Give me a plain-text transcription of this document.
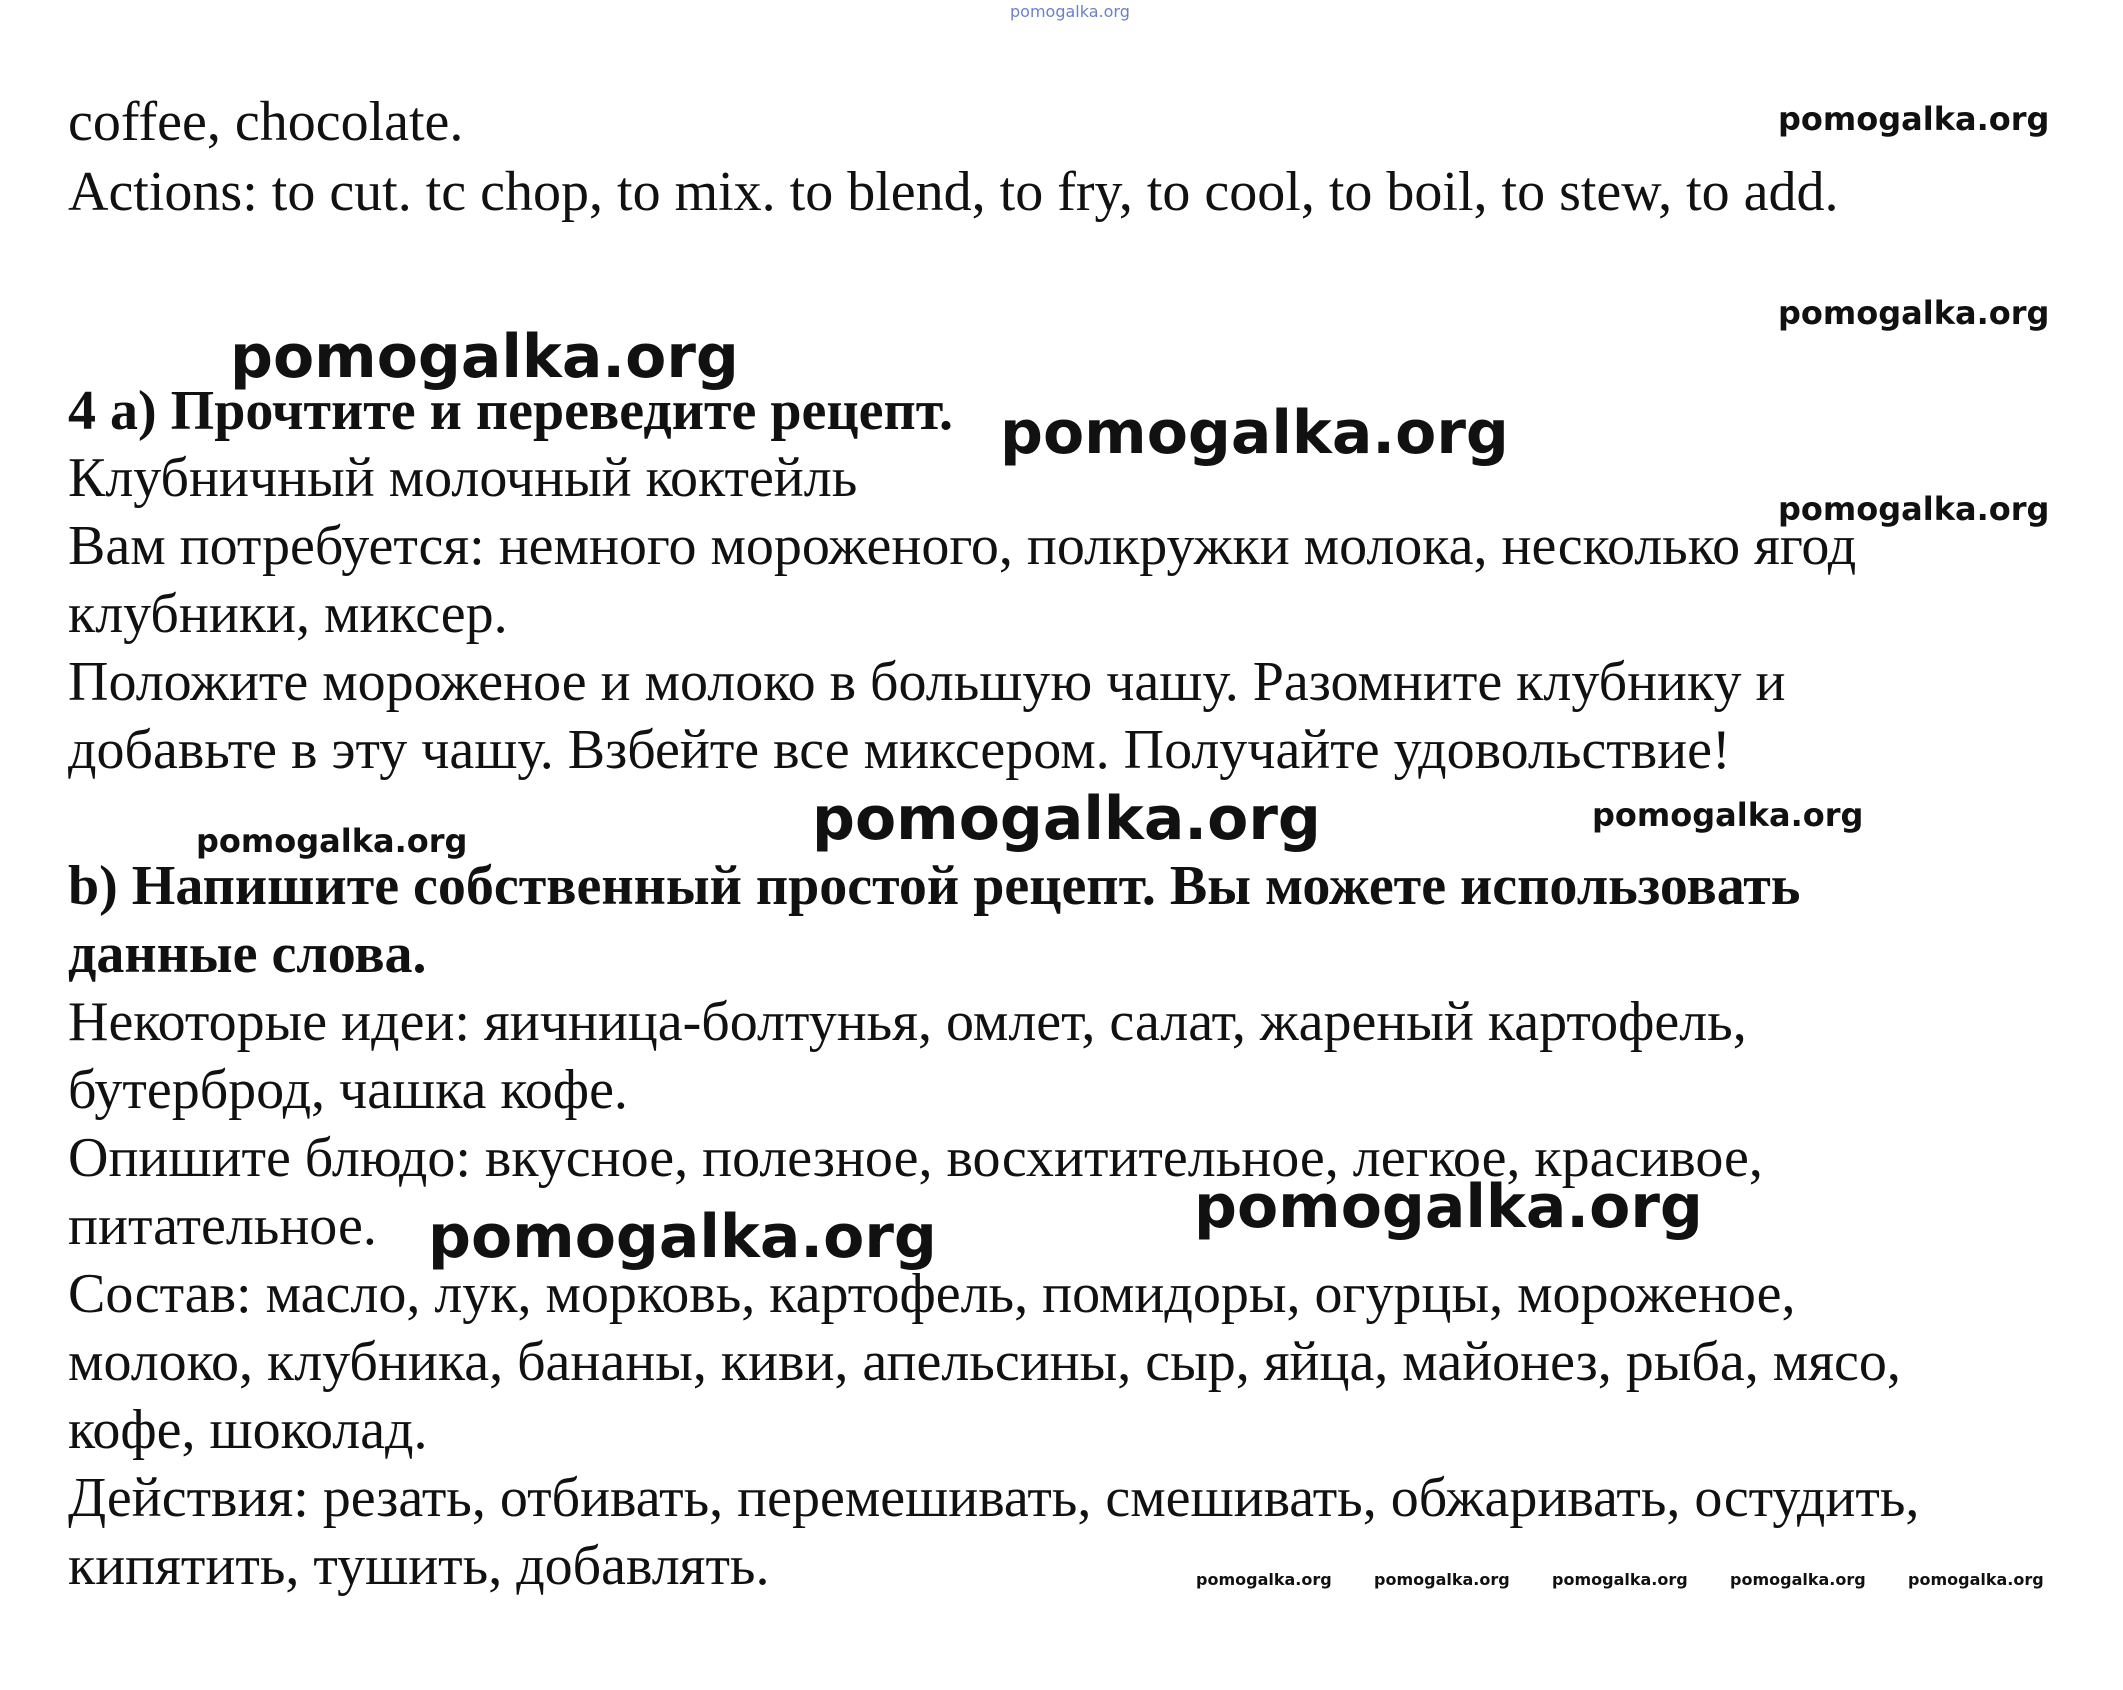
pomogalka.org
pomogalka.org
pomogalka.org
pomogalka.org
pomogalka.org
pomogalka.org
coffee, chocolate.
Actions: to cut. tc chop, to mix. to blend, to fry, to cool, to boil, to stew, to add.
4 а) Прочтите и переведите рецепт.
Клубничный молочный коктейль
Вам потребуется: немного мороженого, полкружки молока, несколько ягод
клубники, миксер.
Положите мороженое и молоко в большую чашу. Разомните клубнику и
добавьте в эту чашу. Взбейте все миксером. Получайте удовольствие!
b) Напишите собственный простой рецепт. Вы можете использовать
данные слова.
Некоторые идеи: яичница-болтунья, омлет, салат, жареный картофель,
бутерброд, чашка кофе.
Опишите блюдо: вкусное, полезное, восхитительное, легкое, красивое,
питательное.
Состав: масло, лук, морковь, картофель, помидоры, огурцы, мороженое,
молоко, клубника, бананы, киви, апельсины, сыр, яйца, майонез, рыба, мясо,
кофе, шоколад.
Действия: резать, отбивать, перемешивать, смешивать, обжаривать, остудить,
кипятить, тушить, добавлять.
pomogalka.org
pomogalka.org
pomogalka.org
pomogalka.org
pomogalka.org
pomogalka.org	pomogalka.org	pomogalka.org	pomogalka.org	pomogalka.org
